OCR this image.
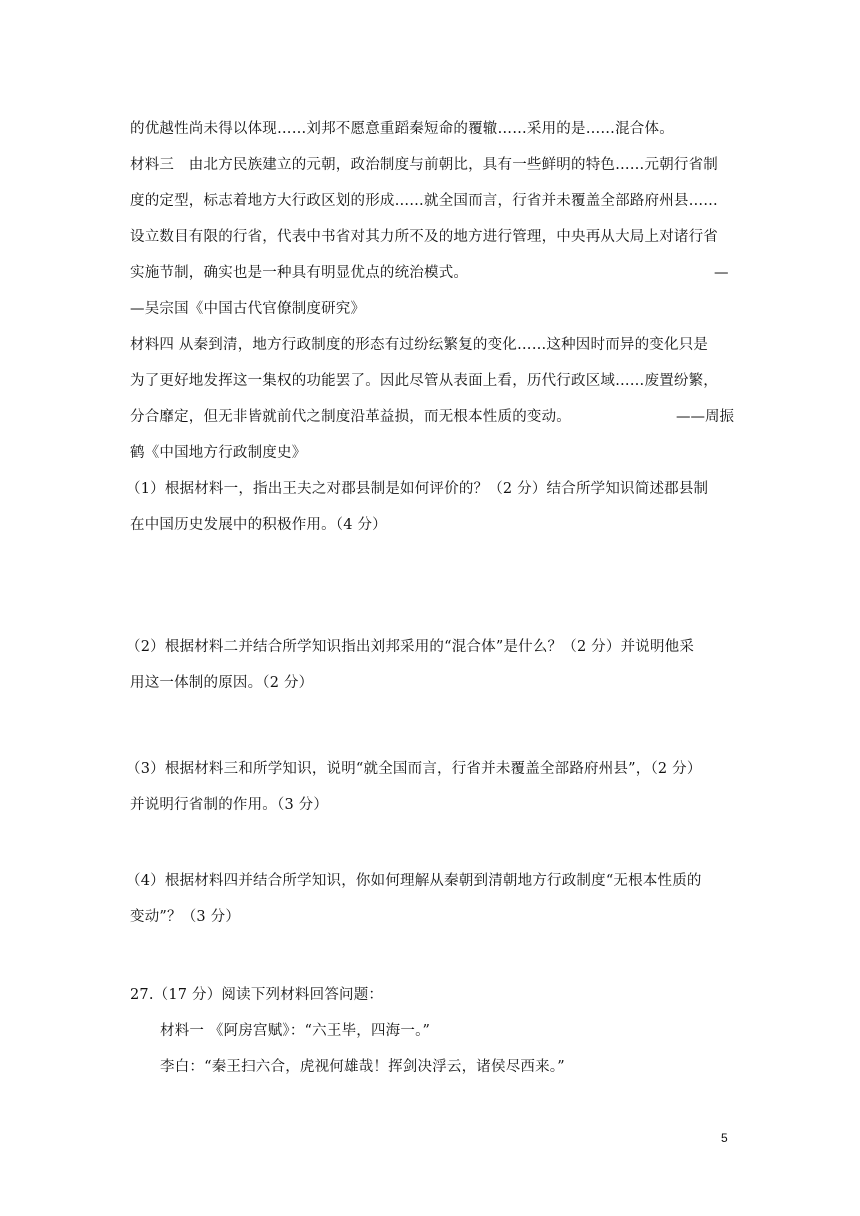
的优越性尚未得以体现……刘邦不愿意重蹈秦短命的覆辙……采用的是……混合体。
材料三　由北方民族建立的元朝，政治制度与前朝比，具有一些鲜明的特色……元朝行省制
度的定型，标志着地方大行政区划的形成……就全国而言，行省并未覆盖全部路府州县……
设立数目有限的行省，代表中书省对其力所不及的地方进行管理，中央再从大局上对诸行省
实施节制，确实也是一种具有明显优点的统治模式。	—
—吴宗国《中国古代官僚制度研究》
材料四 从秦到清，地方行政制度的形态有过纷纭繁复的变化……这种因时而异的变化只是
为了更好地发挥这一集权的功能罢了。因此尽管从表面上看，历代行政区域……废置纷繁，
分合靡定，但无非皆就前代之制度沿革益损，而无根本性质的变动。	——周振
鹤《中国地方行政制度史》
（1）根据材料一，指出王夫之对郡县制是如何评价的？（2 分）结合所学知识简述郡县制
在中国历史发展中的积极作用。（4 分）
（2）根据材料二并结合所学知识指出刘邦采用的“混合体”是什么？（2 分）并说明他采
用这一体制的原因。（2 分）
（3）根据材料三和所学知识，说明“就全国而言，行省并未覆盖全部路府州县”，（2 分）
并说明行省制的作用。（3 分）
（4）根据材料四并结合所学知识，你如何理解从秦朝到清朝地方行政制度“无根本性质的
变动”？（3 分）
27.（17 分）阅读下列材料回答问题：
材料一 《阿房宫赋》：“六王毕，四海一。”
李白：“秦王扫六合，虎视何雄哉！挥剑决浮云，诸侯尽西来。”
5
